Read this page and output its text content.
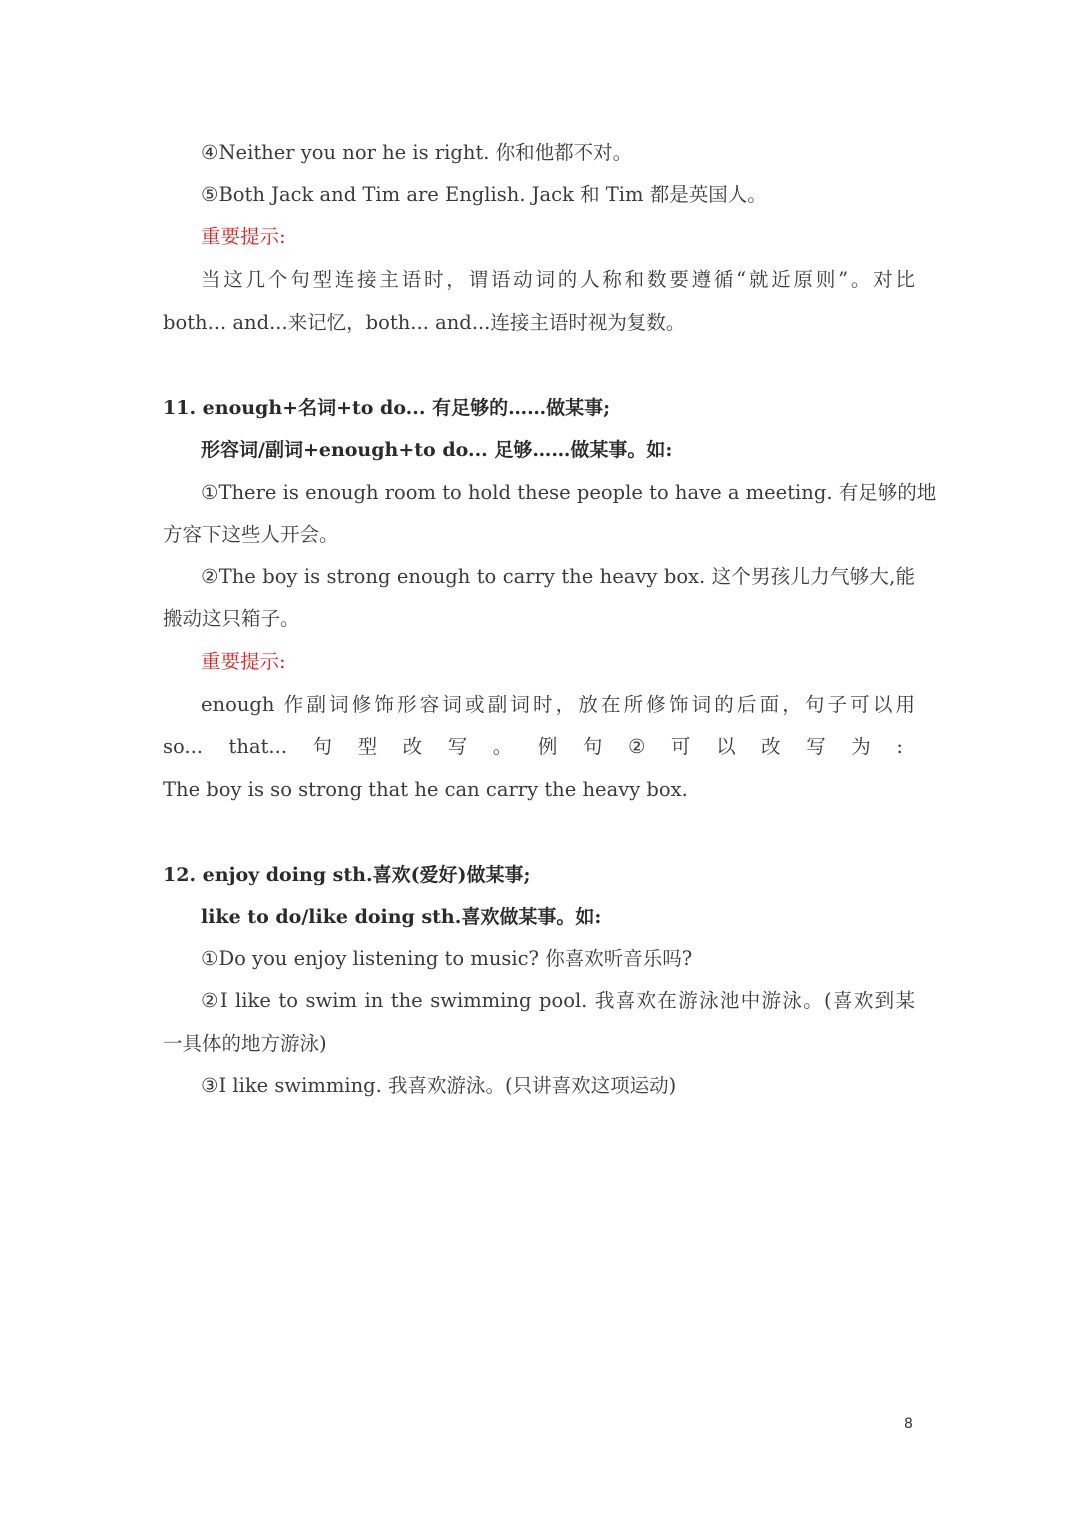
④Neither you nor he is right. 你和他都不对。
⑤Both Jack and Tim are English. Jack 和 Tim 都是英国人。
重要提示:
当这几个句型连接主语时，谓语动词的人称和数要遵循“就近原则”。对比
both... and...来记忆，both... and...连接主语时视为复数。
11. enough+名词+to do... 有足够的……做某事;
形容词/副词+enough+to do... 足够……做某事。如:
①There is enough room to hold these people to have a meeting. 有足够的地
方容下这些人开会。
②The boy is strong enough to carry the heavy box. 这个男孩儿力气够大,能
搬动这只箱子。
重要提示:
enough 作副词修饰形容词或副词时，放在所修饰词的后面，句子可以用
so... that... 句 型 改 写 。 例 句 ② 可 以 改 写 为 :
The boy is so strong that he can carry the heavy box.
12. enjoy doing sth.喜欢(爱好)做某事;
like to do/like doing sth.喜欢做某事。如:
①Do you enjoy listening to music? 你喜欢听音乐吗?
②I like to swim in the swimming pool. 我喜欢在游泳池中游泳。(喜欢到某
一具体的地方游泳)
③I like swimming. 我喜欢游泳。(只讲喜欢这项运动)
8
